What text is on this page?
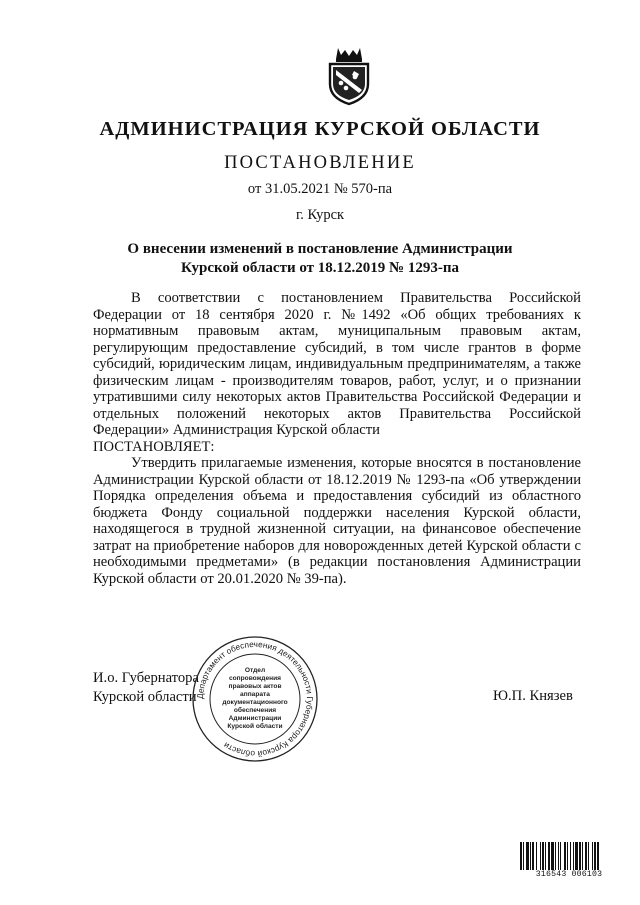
АДМИНИСТРАЦИЯ КУРСКОЙ ОБЛАСТИ
ПОСТАНОВЛЕНИЕ
от 31.05.2021 № 570-па
г. Курск
О внесении изменений в постановление Администрации
Курской области от 18.12.2019 № 1293-па

В соответствии с постановлением Правительства Российской Федерации от 18 сентября 2020 г. №1492 «Об общих требованиях к нормативным правовым актам, муниципальным правовым актам, регулирующим предоставление субсидий, в том числе грантов в форме субсидий, юридическим лицам, индивидуальным предпринимателям, а также физическим лицам - производителям товаров, работ, услуг, и о признании утратившими силу некоторых актов Правительства Российской Федерации и отдельных положений некоторых актов Правительства Российской Федерации» Администрация Курской области

ПОСТАНОВЛЯЕТ:

Утвердить прилагаемые изменения, которые вносятся в постановление Администрации Курской области от 18.12.2019 № 1293-па «Об утверждении Порядка определения объема и предоставления субсидий из областного бюджета Фонду социальной поддержки населения Курской области, находящегося в трудной жизненной ситуации, на финансовое обеспечение затрат на приобретение наборов для новорожденных детей Курской области с необходимыми предметами» (в редакции постановления Администрации Курской области от 20.01.2020 № 39-па).

И.о. Губернатора
Курской области	Ю.П. Князев
Департамент обеспечения деятельности Губернатора Курской области
Отдел
сопровождения
правовых актов
аппарата
документационного
обеспечения
Администрации
Курской области
316543 006103
